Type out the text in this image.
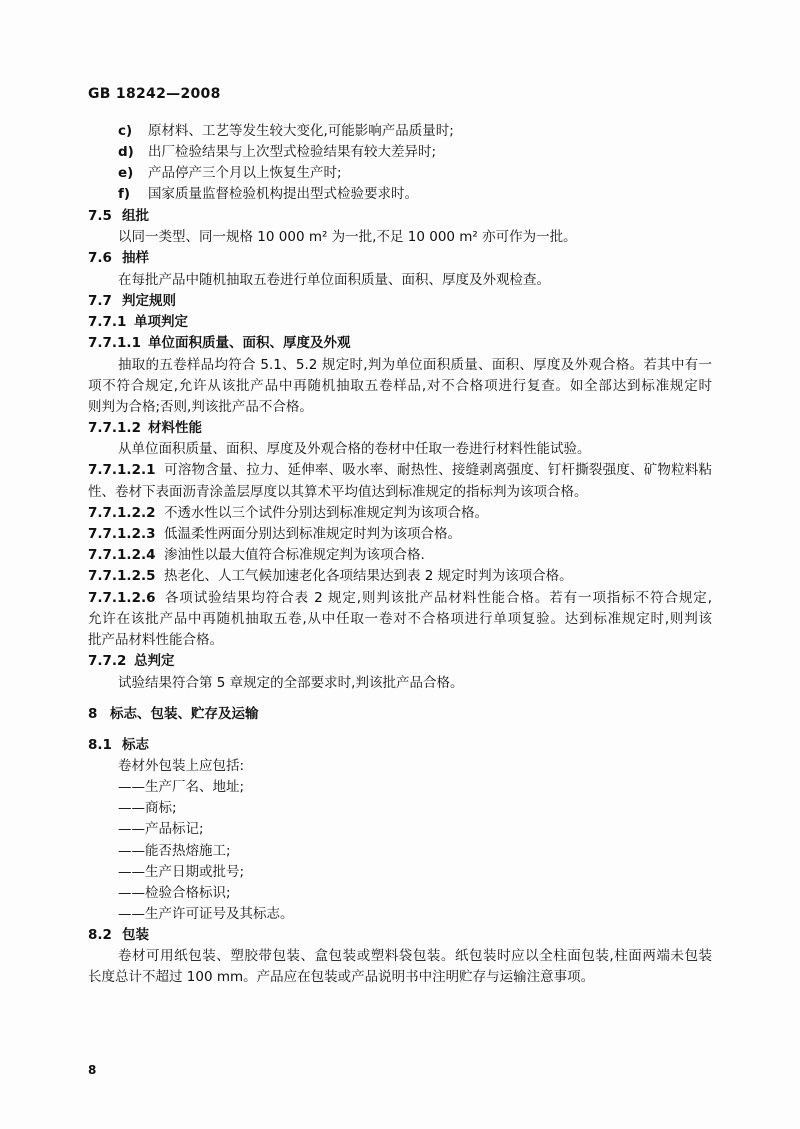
GB 18242—2008
c) 原材料、工艺等发生较大变化,可能影响产品质量时;
d) 出厂检验结果与上次型式检验结果有较大差异时;
e) 产品停产三个月以上恢复生产时;
f) 国家质量监督检验机构提出型式检验要求时。
7.5 组批
以同一类型、同一规格 10 000 m² 为一批,不足 10 000 m² 亦可作为一批。
7.6 抽样
在每批产品中随机抽取五卷进行单位面积质量、面积、厚度及外观检查。
7.7 判定规则
7.7.1 单项判定
7.7.1.1 单位面积质量、面积、厚度及外观
抽取的五卷样品均符合 5.1、5.2 规定时,判为单位面积质量、面积、厚度及外观合格。若其中有一
项不符合规定,允许从该批产品中再随机抽取五卷样品,对不合格项进行复查。如全部达到标准规定时
则判为合格;否则,判该批产品不合格。
7.7.1.2 材料性能
从单位面积质量、面积、厚度及外观合格的卷材中任取一卷进行材料性能试验。
7.7.1.2.1 可溶物含量、拉力、延伸率、吸水率、耐热性、接缝剥离强度、钉杆撕裂强度、矿物粒料粘
性、卷材下表面沥青涂盖层厚度以其算术平均值达到标准规定的指标判为该项合格。
7.7.1.2.2 不透水性以三个试件分别达到标准规定判为该项合格。
7.7.1.2.3 低温柔性两面分别达到标准规定时判为该项合格。
7.7.1.2.4 渗油性以最大值符合标准规定判为该项合格.
7.7.1.2.5 热老化、人工气候加速老化各项结果达到表 2 规定时判为该项合格。
7.7.1.2.6 各项试验结果均符合表 2 规定,则判该批产品材料性能合格。若有一项指标不符合规定,
允许在该批产品中再随机抽取五卷,从中任取一卷对不合格项进行单项复验。达到标准规定时,则判该
批产品材料性能合格。
7.7.2 总判定
试验结果符合第 5 章规定的全部要求时,判该批产品合格。
8 标志、包装、贮存及运输
8.1 标志
卷材外包装上应包括:
——生产厂名、地址;
——商标;
——产品标记;
——能否热熔施工;
——生产日期或批号;
——检验合格标识;
——生产许可证号及其标志。
8.2 包装
卷材可用纸包装、塑胶带包装、盒包装或塑料袋包装。纸包装时应以全柱面包装,柱面两端未包装
长度总计不超过 100 mm。产品应在包装或产品说明书中注明贮存与运输注意事项。
8
